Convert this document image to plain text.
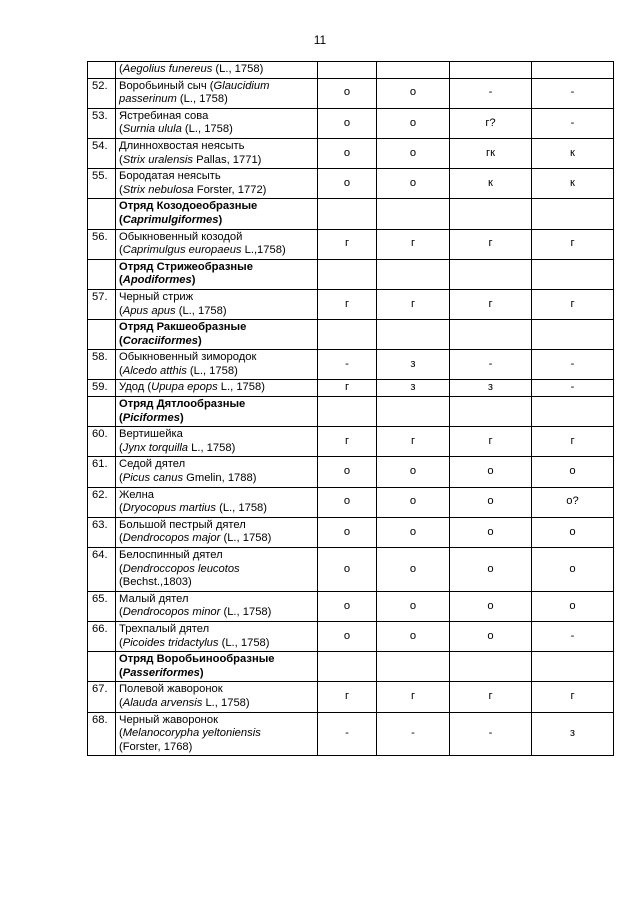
11

	(Aegolius funereus (L., 1758)				

52.	Воробьиный сыч (Glaucidium
passerinum (L., 1758)	о	о	-	-
53.	Ястребиная сова
(Surnia ulula (L., 1758)	о	о	г?	-
54.	Длиннохвостая неясыть
(Strix uralensis Pallas, 1771)	о	о	гк	к
55.	Бородатая неясыть
(Strix nebulosa Forster, 1772)	о	о	к	к

	Отряд Козодоеобразные
(Caprimulgiformes)				

56.	Обыкновенный козодой
(Caprimulgus europaeus L.,1758)	г	г	г	г

	Отряд Стрижеобразные
(Apodiformes)				

57.	Черный стриж
(Apus apus (L., 1758)	г	г	г	г

	Отряд Ракшеобразные
(Coraciiformes)				

58.	Обыкновенный зимородок
(Alcedo atthis (L., 1758)	-	з	-	-
59.	Удод (Upupa epops L., 1758)	г	з	з	-

	Отряд Дятлообразные
(Piciformes)				

60.	Вертишейка
(Jynx torquilla L., 1758)	г	г	г	г
61.	Седой дятел
(Picus canus Gmelin, 1788)	о	о	о	о
62.	Желна
(Dryocopus martius (L., 1758)	о	о	о	о?
63.	Большой пестрый дятел
(Dendrocopos major (L., 1758)	о	о	о	о
64.	Белоспинный дятел
(Dendroccopos leucotos
(Bechst.,1803)	о	о	о	о
65.	Малый дятел
(Dendrocopos minor (L., 1758)	о	о	о	о
66.	Трехпалый дятел
(Picoides tridactylus (L., 1758)	о	о	о	-

	Отряд Воробьинообразные
(Passeriformes)				

67.	Полевой жаворонок
(Alauda arvensis L., 1758)	г	г	г	г
68.	Черный жаворонок
(Melanocorypha yeltoniensis
(Forster, 1768)	-	-	-	з
